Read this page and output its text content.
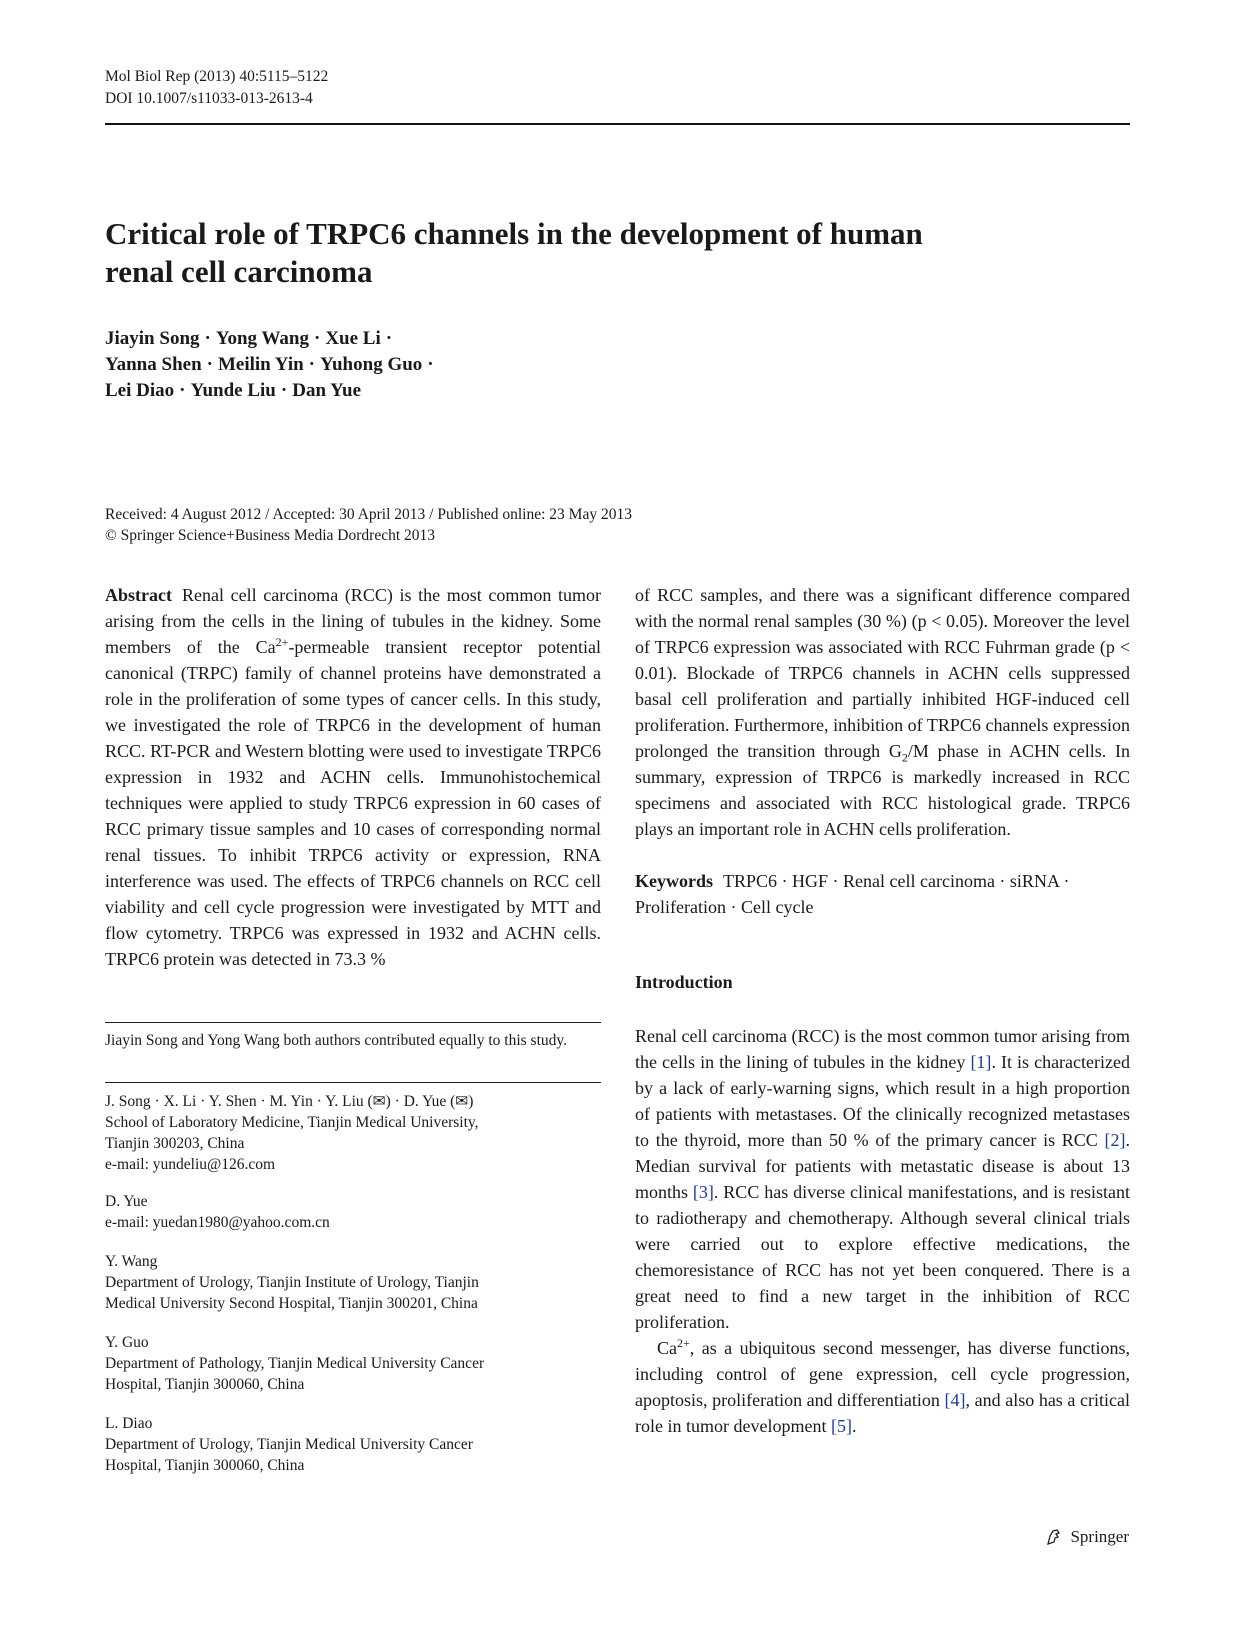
Mol Biol Rep (2013) 40:5115–5122
DOI 10.1007/s11033-013-2613-4
Critical role of TRPC6 channels in the development of human
renal cell carcinoma
Jiayin Song · Yong Wang · Xue Li ·
Yanna Shen · Meilin Yin · Yuhong Guo ·
Lei Diao · Yunde Liu · Dan Yue
Received: 4 August 2012 / Accepted: 30 April 2013 / Published online: 23 May 2013
© Springer Science+Business Media Dordrecht 2013

Abstract Renal cell carcinoma (RCC) is the most common tumor arising from the cells in the lining of tubules in the kidney. Some members of the $Ca^{2+}$-permeable transient receptor potential canonical (TRPC) family of channel proteins have demonstrated a role in the proliferation of some types of cancer cells. In this study, we investigated the role of TRPC6 in the development of human RCC. RT-PCR and Western blotting were used to investigate TRPC6 expression in 1932 and ACHN cells. Immunohistochemical techniques were applied to study TRPC6 expression in 60 cases of RCC primary tissue samples and 10 cases of corresponding normal renal tissues. To inhibit TRPC6 activity or expression, RNA interference was used. The effects of TRPC6 channels on RCC cell viability and cell cycle progression were investigated by MTT and flow cytometry. TRPC6 was expressed in 1932 and ACHN cells. TRPC6 protein was detected in 73.3 %

Jiayin Song and Yong Wang both authors contributed equally to this study.
J. Song · X. Li · Y. Shen · M. Yin · Y. Liu (✉) · D. Yue (✉)
School of Laboratory Medicine, Tianjin Medical University,
Tianjin 300203, China
e-mail: yundeliu@126.com
D. Yue
e-mail: yuedan1980@yahoo.com.cn
Y. Wang
Department of Urology, Tianjin Institute of Urology, Tianjin
Medical University Second Hospital, Tianjin 300201, China
Y. Guo
Department of Pathology, Tianjin Medical University Cancer
Hospital, Tianjin 300060, China
L. Diao
Department of Urology, Tianjin Medical University Cancer
Hospital, Tianjin 300060, China

of RCC samples, and there was a significant difference compared with the normal renal samples (30 %) (p < 0.05). Moreover the level of TRPC6 expression was associated with RCC Fuhrman grade (p < 0.01). Blockade of TRPC6 channels in ACHN cells suppressed basal cell proliferation and partially inhibited HGF-induced cell proliferation. Furthermore, inhibition of TRPC6 channels expression prolonged the transition through $G_2/M$ phase in ACHN cells. In summary, expression of TRPC6 is markedly increased in RCC specimens and associated with RCC histological grade. TRPC6 plays an important role in ACHN cells proliferation.

Keywords TRPC6 · HGF · Renal cell carcinoma · siRNA · Proliferation · Cell cycle

Introduction

Renal cell carcinoma (RCC) is the most common tumor arising from the cells in the lining of tubules in the kidney [1]. It is characterized by a lack of early-warning signs, which result in a high proportion of patients with metastases. Of the clinically recognized metastases to the thyroid, more than 50 % of the primary cancer is RCC [2]. Median survival for patients with metastatic disease is about 13 months [3]. RCC has diverse clinical manifestations, and is resistant to radiotherapy and chemotherapy. Although several clinical trials were carried out to explore effective medications, the chemoresistance of RCC has not yet been conquered. There is a great need to find a new target in the inhibition of RCC proliferation.

$Ca^{2+}$, as a ubiquitous second messenger, has diverse functions, including control of gene expression, cell cycle progression, apoptosis, proliferation and differentiation [4], and also has a critical role in tumor development [5].

Springer
